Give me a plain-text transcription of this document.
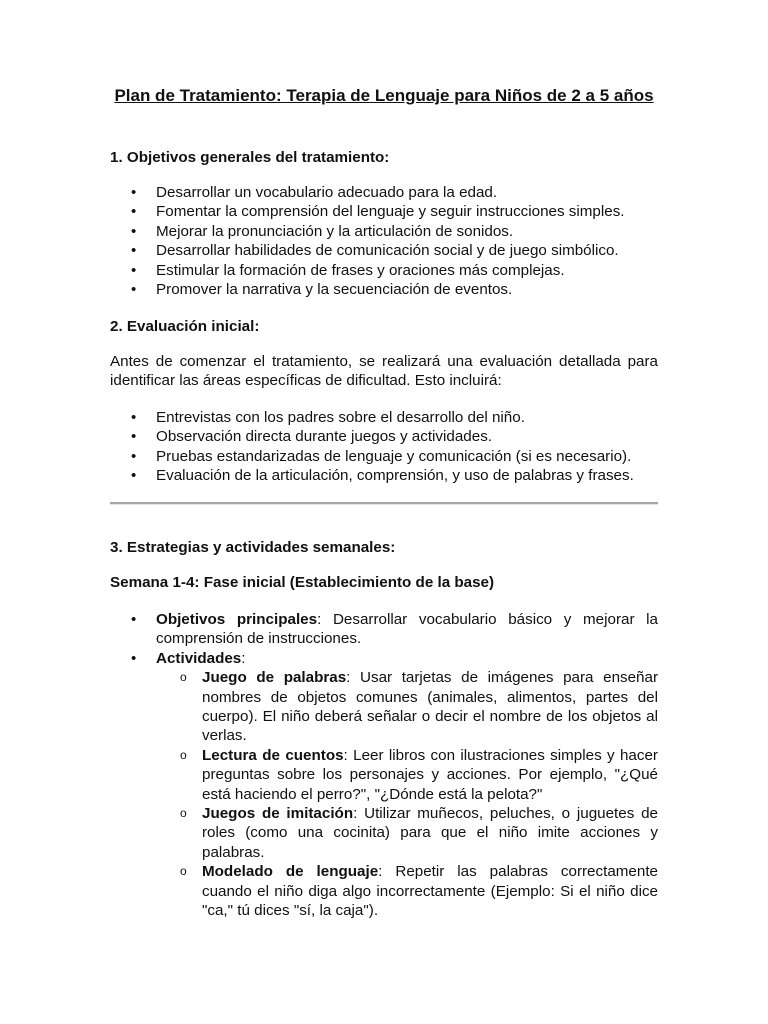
Plan de Tratamiento: Terapia de Lenguaje para Niños de 2 a 5 años
1. Objetivos generales del tratamiento:
• Desarrollar un vocabulario adecuado para la edad.
• Fomentar la comprensión del lenguaje y seguir instrucciones simples.
• Mejorar la pronunciación y la articulación de sonidos.
• Desarrollar habilidades de comunicación social y de juego simbólico.
• Estimular la formación de frases y oraciones más complejas.
• Promover la narrativa y la secuenciación de eventos.
2. Evaluación inicial:

Antes de comenzar el tratamiento, se realizará una evaluación detallada para identificar las áreas específicas de dificultad. Esto incluirá:

• Entrevistas con los padres sobre el desarrollo del niño.
• Observación directa durante juegos y actividades.
• Pruebas estandarizadas de lenguaje y comunicación (si es necesario).
• Evaluación de la articulación, comprensión, y uso de palabras y frases.
3. Estrategias y actividades semanales:
Semana 1-4: Fase inicial (Establecimiento de la base)
• Objetivos principales: Desarrollar vocabulario básico y mejorar la comprensión de instrucciones.
• Actividades:
o Juego de palabras: Usar tarjetas de imágenes para enseñar nombres de objetos comunes (animales, alimentos, partes del cuerpo). El niño deberá señalar o decir el nombre de los objetos al verlas.
o Lectura de cuentos: Leer libros con ilustraciones simples y hacer preguntas sobre los personajes y acciones. Por ejemplo, "¿Qué está haciendo el perro?", "¿Dónde está la pelota?"
o Juegos de imitación: Utilizar muñecos, peluches, o juguetes de roles (como una cocinita) para que el niño imite acciones y palabras.
o Modelado de lenguaje: Repetir las palabras correctamente cuando el niño diga algo incorrectamente (Ejemplo: Si el niño dice "ca," tú dices "sí, la caja").
